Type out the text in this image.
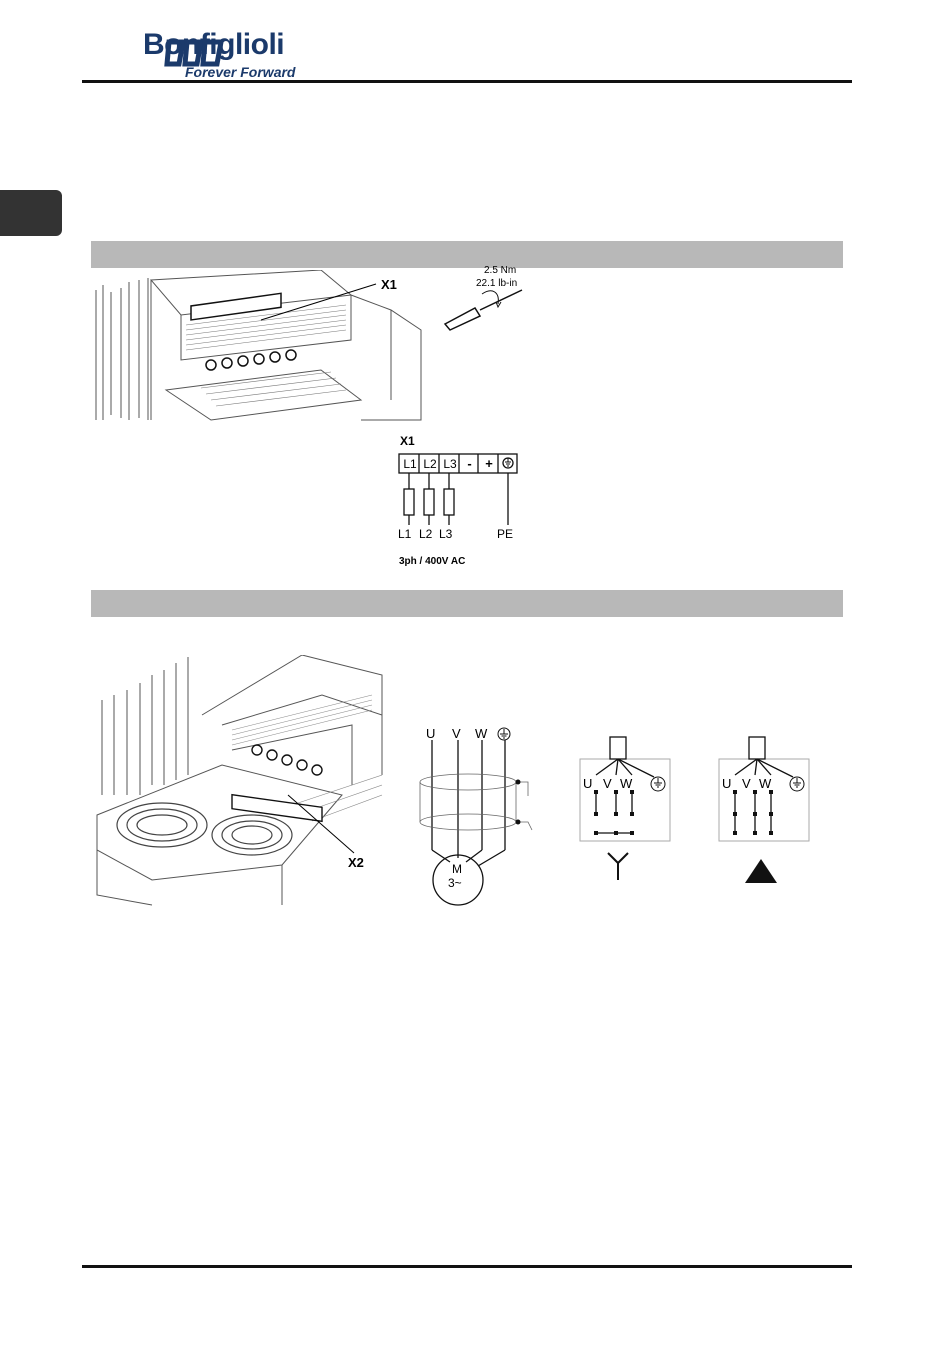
Bonfiglioli
Forever Forward
X1
2.5 Nm
22.1 lb-in
X1
L1 L2 L3 -	+
L1 L2 L3	PE
3ph / 400V AC
X2
U V W
M
3~
U V W	U V W
